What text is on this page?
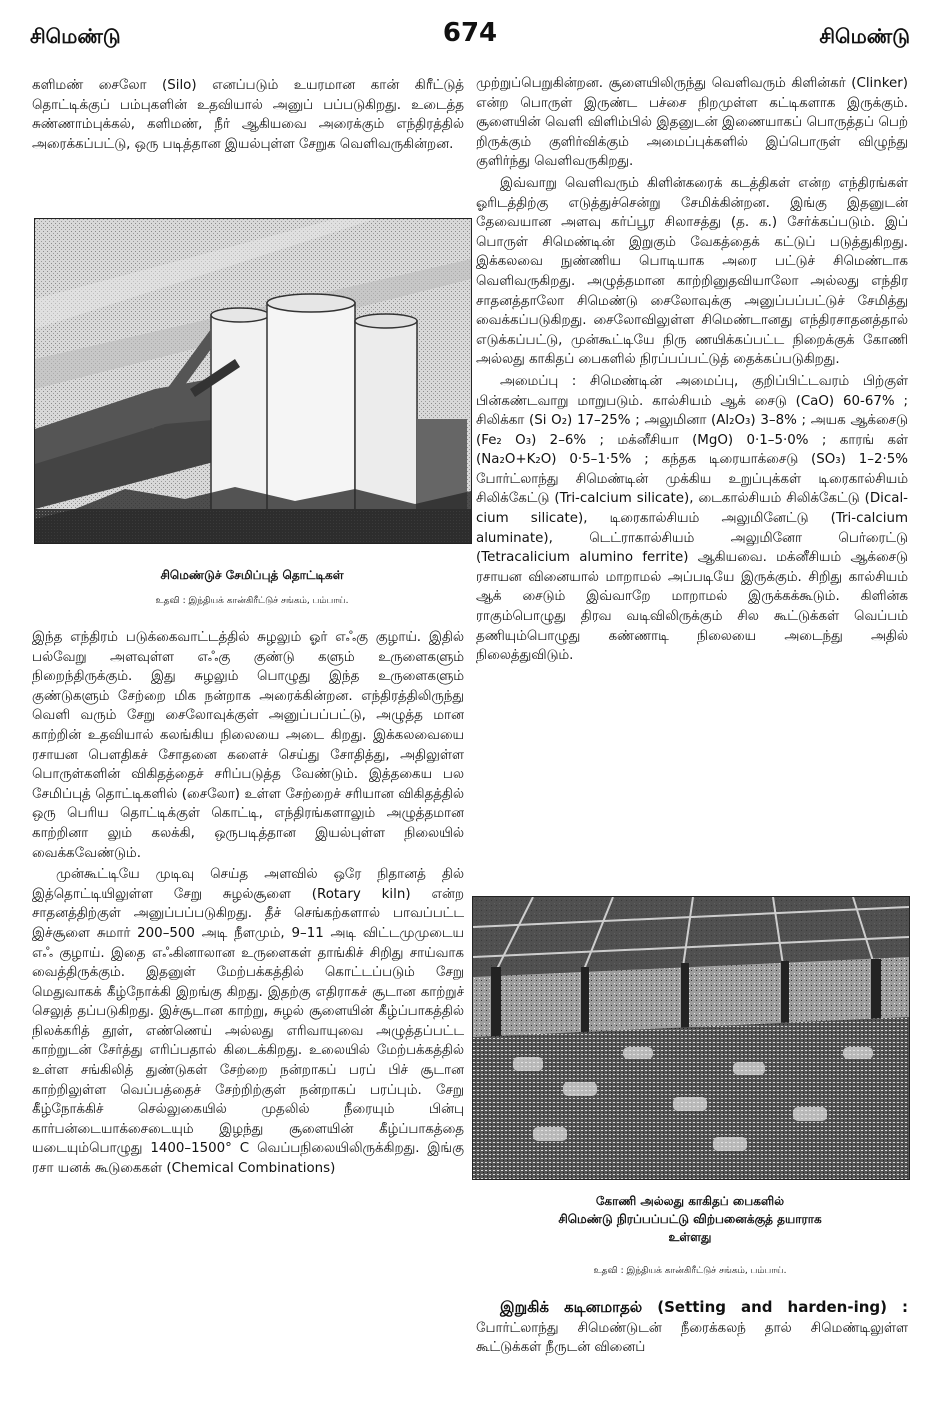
சிமெண்டு	674	சிமெண்டு

களிமண் சைலோ (Silo) எனப்படும் உயரமான கான் கிரீட்டுத் தொட்டிக்குப் பம்புகளின் உதவியால் அனுப் பப்படுகிறது. உடைத்த சுண்ணாம்புக்கல், களிமண், நீர் ஆகியவை அரைக்கும் எந்திரத்தில் அரைக்கப்பட்டு, ஒரு படித்தான இயல்புள்ள சேறுக வெளிவருகின்றன.

சிமெண்டுச் சேமிப்புத் தொட்டிகள்
உதவி : இந்தியக் கான்கிரீட்டுச் சங்கம், பம்பாய்.

இந்த எந்திரம் படுக்கைவாட்டத்தில் சுழலும் ஓர் எஃகு குழாய். இதில் பல்வேறு அளவுள்ள எஃகு குண்டு களும் உருளைகளும் நிறைந்திருக்கும். இது சுழலும் பொழுது இந்த உருளைகளும் குண்டுகளும் சேற்றை மிக நன்றாக அரைக்கின்றன. எந்திரத்திலிருந்து வெளி வரும் சேறு சைலோவுக்குள் அனுப்பப்பட்டு, அழுத்த மான காற்றின் உதவியால் கலங்கிய நிலையை அடை கிறது. இக்கலவையை ரசாயன பௌதிகச் சோதனை களைச் செய்து சோதித்து, அதிலுள்ள பொருள்களின் விகிதத்தைச் சரிப்படுத்த வேண்டும். இத்தகைய பல சேமிப்புத் தொட்டிகளில் (சைலோ) உள்ள சேற்றைச் சரியான விகிதத்தில் ஒரு பெரிய தொட்டிக்குள் கொட்டி, எந்திரங்களாலும் அழுத்தமான காற்றினா லும் கலக்கி, ஒருபடித்தான இயல்புள்ள நிலையில் வைக்கவேண்டும்.

முன்கூட்டியே முடிவு செய்த அளவில் ஒரே நிதானத் தில் இத்தொட்டியிலுள்ள சேறு சுழல்சூளை (Rotary kiln) என்ற சாதனத்திற்குள் அனுப்பப்படுகிறது. தீச் செங்கற்களால் பாவப்பட்ட இச்சூளை சுமார் 200–500 அடி நீளமும், 9–11 அடி விட்டமுமுடைய எஃ குழாய். இதை எஃகினாலான உருளைகள் தாங்கிச் சிறிது சாய்வாக வைத்திருக்கும். இதனுள் மேற்பக்கத்தில் கொட்டப்படும் சேறு மெதுவாகக் கீழ்நோக்கி இறங்கு கிறது. இதற்கு எதிராகச் சூடான காற்றுச் செலுத் தப்படுகிறது. இச்சூடான காற்று, சுழல் சூளையின் கீழ்ப்பாகத்தில் நிலக்கரித் தூள், எண்ணெய் அல்லது எரிவாயுவை அழுத்தப்பட்ட காற்றுடன் சேர்த்து எரிப்பதால் கிடைக்கிறது. உலையில் மேற்பக்கத்தில் உள்ள சங்கிலித் துண்டுகள் சேற்றை நன்றாகப் பரப் பிச் சூடான காற்றிலுள்ள வெப்பத்தைச் சேற்றிற்குள் நன்றாகப் பரப்பும். சேறு கீழ்நோக்கிச் செல்லுகையில் முதலில் நீரையும் பின்பு கார்பன்டையாக்சைடையும் இழந்து சூளையின் கீழ்ப்பாகத்தை யடையும்பொழுது 1400–1500° C வெப்பநிலையிலிருக்கிறது. இங்கு ரசா யனக் கூடுகைகள் (Chemical Combinations)

முற்றுப்பெறுகின்றன. சூளையிலிருந்து வெளிவரும் கிளின்கர் (Clinker) என்ற பொருள் இருண்ட பச்சை நிறமுள்ள கட்டிகளாக இருக்கும். சூளையின் வெளி விளிம்பில் இதனுடன் இணையாகப் பொருத்தப் பெற் றிருக்கும் குளிர்விக்கும் அமைப்புக்களில் இப்பொருள் விழுந்து குளிர்ந்து வெளிவருகிறது.

இவ்வாறு வெளிவரும் கிளின்கரைக் கடத்திகள் என்ற எந்திரங்கள் ஓரிடத்திற்கு எடுத்துச்சென்று சேமிக்கின்றன. இங்கு இதனுடன் தேவையான அளவு கர்ப்பூர சிலாசத்து (த. க.) சேர்க்கப்படும். இப் பொருள் சிமெண்டின் இறுகும் வேகத்தைக் கட்டுப் படுத்துகிறது. இக்கலவை நுண்ணிய பொடியாக அரை பட்டுச் சிமெண்டாக வெளிவருகிறது. அழுத்தமான காற்றினுதவியாலோ அல்லது எந்திர சாதனத்தாலோ சிமெண்டு சைலோவுக்கு அனுப்பப்பட்டுச் சேமித்து வைக்கப்படுகிறது. சைலோவிலுள்ள சிமெண்டானது எந்திரசாதனத்தால் எடுக்கப்பட்டு, முன்கூட்டியே நிரு ணயிக்கப்பட்ட நிறைக்குக் கோணி அல்லது காகிதப் பைகளில் நிரப்பப்பட்டுத் தைக்கப்படுகிறது.

அமைப்பு : சிமெண்டின் அமைப்பு, குறிப்பிட்டவரம் பிற்குள் பின்கண்டவாறு மாறுபடும். கால்சியம் ஆக் சைடு (CaO) 60-67% ; சிலிக்கா (Si O₂) 17–25% ; அலுமினா (Al₂O₃) 3–8% ; அயக ஆக்சைடு (Fe₂ O₃) 2–6% ; மக்னீசியா (MgO) 0·1–5·0% ; காரங் கள் (Na₂O+K₂O) 0·5–1·5% ; கந்தக டிரையாக்சைடு (SO₃) 1–2·5% போர்ட்லாந்து சிமெண்டின் முக்கிய உறுப்புக்கள் டிரைகால்சியம் சிலிக்கேட்டு (Tri-calcium silicate), டைகால்சியம் சிலிக்கேட்டு (Dical-cium silicate), டிரைகால்சியம் அலுமினேட்டு (Tri-calcium aluminate), டெட்ராகால்சியம் அலுமினோ பெர்ரைட்டு (Tetracalicium alumino ferrite) ஆகியவை. மக்னீசியம் ஆக்சைடு ரசாயன வினையால் மாறாமல் அப்படியே இருக்கும். சிறிது கால்சியம் ஆக் சைடும் இவ்வாறே மாறாமல் இருக்கக்கூடும். கிளின்க ராகும்பொழுது திரவ வடிவிலிருக்கும் சில கூட்டுக்கள் வெப்பம் தணியும்பொழுது கண்ணாடி நிலையை அடைந்து அதில் நிலைத்துவிடும்.

கோணி அல்லது காகிதப் பைகளில்
சிமெண்டு நிரப்பப்பட்டு விற்பனைக்குத் தயாராக
உள்ளது
உதவி : இந்தியக் கான்கிரீட்டுச் சங்கம், பம்பாய்.

இறுகிக் கடினமாதல் (Setting and harden-ing) : போர்ட்லாந்து சிமெண்டுடன் நீரைக்கலந் தால் சிமெண்டிலுள்ள கூட்டுக்கள் நீருடன் வினைப்
